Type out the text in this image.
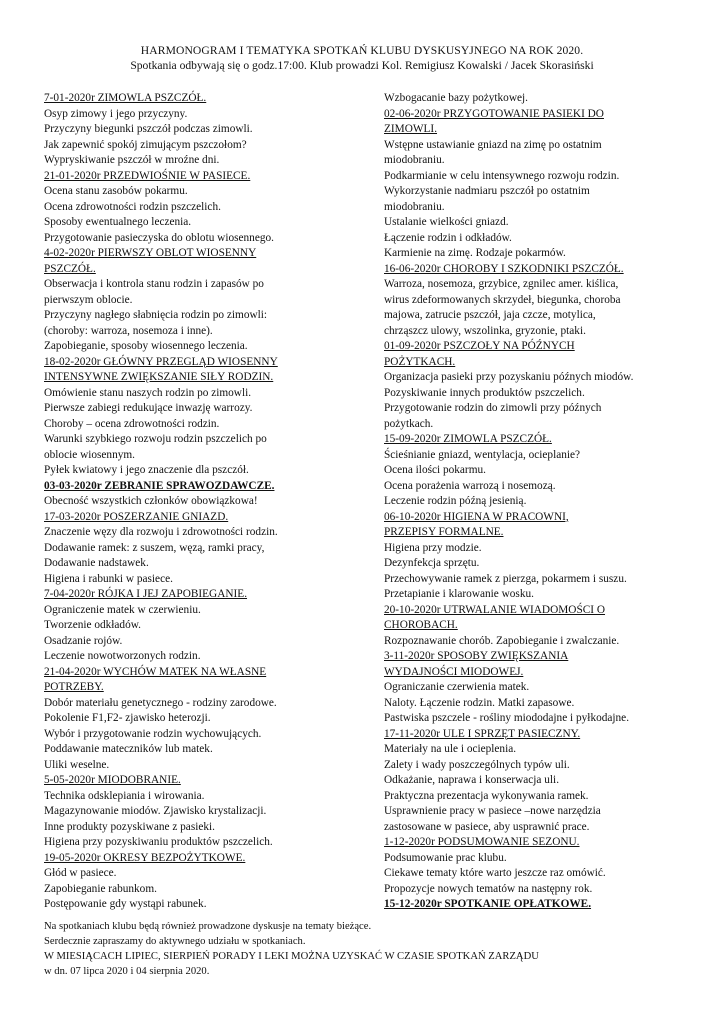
HARMONOGRAM I TEMATYKA SPOTKAŃ KLUBU DYSKUSYJNEGO NA ROK 2020.
Spotkania odbywają się o godz.17:00. Klub prowadzi Kol. Remigiusz Kowalski / Jacek Skorasiński
7-01-2020r ZIMOWLA PSZCZÓŁ.
Osyp zimowy i jego przyczyny.
Przyczyny biegunki pszczół podczas zimowli.
Jak zapewnić spokój zimującym pszczołom?
Wypryskiwanie pszczół w mroźne dni.
21-01-2020r PRZEDWIOŚNIE W PASIECE.
Ocena stanu zasobów pokarmu.
Ocena zdrowotności rodzin pszczelich.
Sposoby ewentualnego leczenia.
Przygotowanie pasieczyska do oblotu wiosennego.
4-02-2020r PIERWSZY OBLOT WIOSENNY
PSZCZÓŁ.
Obserwacja i kontrola stanu rodzin i zapasów po
pierwszym oblocie.
Przyczyny nagłego słabnięcia rodzin po zimowli:
(choroby: warroza, nosemoza i inne).
Zapobieganie, sposoby wiosennego leczenia.
18-02-2020r GŁÓWNY PRZEGLĄD WIOSENNY
INTENSYWNE ZWIĘKSZANIE SIŁY RODZIN.
Omówienie stanu naszych rodzin po zimowli.
Pierwsze zabiegi redukujące inwazję warrozy.
Choroby – ocena zdrowotności rodzin.
Warunki szybkiego rozwoju rodzin pszczelich po
oblocie wiosennym.
Pyłek kwiatowy i jego znaczenie dla pszczół.
03-03-2020r ZEBRANIE SPRAWOZDAWCZE.
Obecność wszystkich członków obowiązkowa!
17-03-2020r POSZERZANIE GNIAZD.
Znaczenie węzy dla rozwoju i zdrowotności rodzin.
Dodawanie ramek: z suszem, węzą, ramki pracy,
Dodawanie nadstawek.
Higiena i rabunki w pasiece.
7-04-2020r RÓJKA I JEJ ZAPOBIEGANIE.
Ograniczenie matek w czerwieniu.
Tworzenie odkładów.
Osadzanie rojów.
Leczenie nowotworzonych rodzin.
21-04-2020r WYCHÓW MATEK NA WŁASNE
POTRZEBY.
Dobór materiału genetycznego - rodziny zarodowe.
Pokolenie F1,F2- zjawisko heterozji.
Wybór i przygotowanie rodzin wychowujących.
Poddawanie mateczników lub matek.
Uliki weselne.
5-05-2020r MIODOBRANIE.
Technika odsklepiania i wirowania.
Magazynowanie miodów. Zjawisko krystalizacji.
Inne produkty pozyskiwane z pasieki.
Higiena przy pozyskiwaniu produktów pszczelich.
19-05-2020r OKRESY BEZPOŻYTKOWE.
Głód w pasiece.
Zapobieganie rabunkom.
Postępowanie gdy wystąpi rabunek.
Wzbogacanie bazy pożytkowej.
02-06-2020r PRZYGOTOWANIE PASIEKI DO
ZIMOWLI.
Wstępne ustawianie gniazd na zimę po ostatnim
miodobraniu.
Podkarmianie w celu intensywnego rozwoju rodzin.
Wykorzystanie nadmiaru pszczół po ostatnim
miodobraniu.
Ustalanie wielkości gniazd.
Łączenie rodzin i odkładów.
Karmienie na zimę. Rodzaje pokarmów.
16-06-2020r CHOROBY I SZKODNIKI PSZCZÓŁ.
Warroza, nosemoza, grzybice, zgnilec amer. kiślica,
wirus zdeformowanych skrzydeł, biegunka, choroba
majowa, zatrucie pszczół, jaja czcze, motylica,
chrząszcz ulowy, wszolinka, gryzonie, ptaki.
01-09-2020r PSZCZOŁY NA PÓŹNYCH
POŻYTKACH.
Organizacja pasieki przy pozyskaniu późnych miodów.
Pozyskiwanie innych produktów pszczelich.
Przygotowanie rodzin do zimowli przy późnych
pożytkach.
15-09-2020r ZIMOWLA PSZCZÓŁ.
Ścieśnianie gniazd, wentylacja, ocieplanie?
Ocena ilości pokarmu.
Ocena porażenia warrozą i nosemozą.
Leczenie rodzin późną jesienią.
06-10-2020r HIGIENA W PRACOWNI,
PRZEPISY FORMALNE.
Higiena przy modzie.
Dezynfekcja sprzętu.
Przechowywanie ramek z pierzga, pokarmem i suszu.
Przetapianie i klarowanie wosku.
20-10-2020r UTRWALANIE WIADOMOŚCI O
CHOROBACH.
Rozpoznawanie chorób. Zapobieganie i zwalczanie.
3-11-2020r SPOSOBY ZWIĘKSZANIA
WYDAJNOŚCI MIODOWEJ.
Ograniczanie czerwienia matek.
Naloty. Łączenie rodzin. Matki zapasowe.
Pastwiska pszczele - rośliny miododajne i pyłkodajne.
17-11-2020r ULE I SPRZĘT PASIECZNY.
Materiały na ule i ocieplenia.
Zalety i wady poszczególnych typów uli.
Odkażanie, naprawa i konserwacja uli.
Praktyczna prezentacja wykonywania ramek.
Usprawnienie pracy w pasiece –nowe narzędzia
zastosowane w pasiece, aby usprawnić prace.
1-12-2020r PODSUMOWANIE SEZONU.
Podsumowanie prac klubu.
Ciekawe tematy które warto jeszcze raz omówić.
Propozycje nowych tematów na następny rok.
15-12-2020r SPOTKANIE OPŁATKOWE.
Na spotkaniach klubu będą również prowadzone dyskusje na tematy bieżące.
Serdecznie zapraszamy do aktywnego udziału w spotkaniach.
W MIESIĄCACH LIPIEC, SIERPIEŃ PORADY I LEKI MOŻNA UZYSKAĆ W CZASIE SPOTKAŃ ZARZĄDU
w dn. 07 lipca 2020 i 04 sierpnia 2020.
